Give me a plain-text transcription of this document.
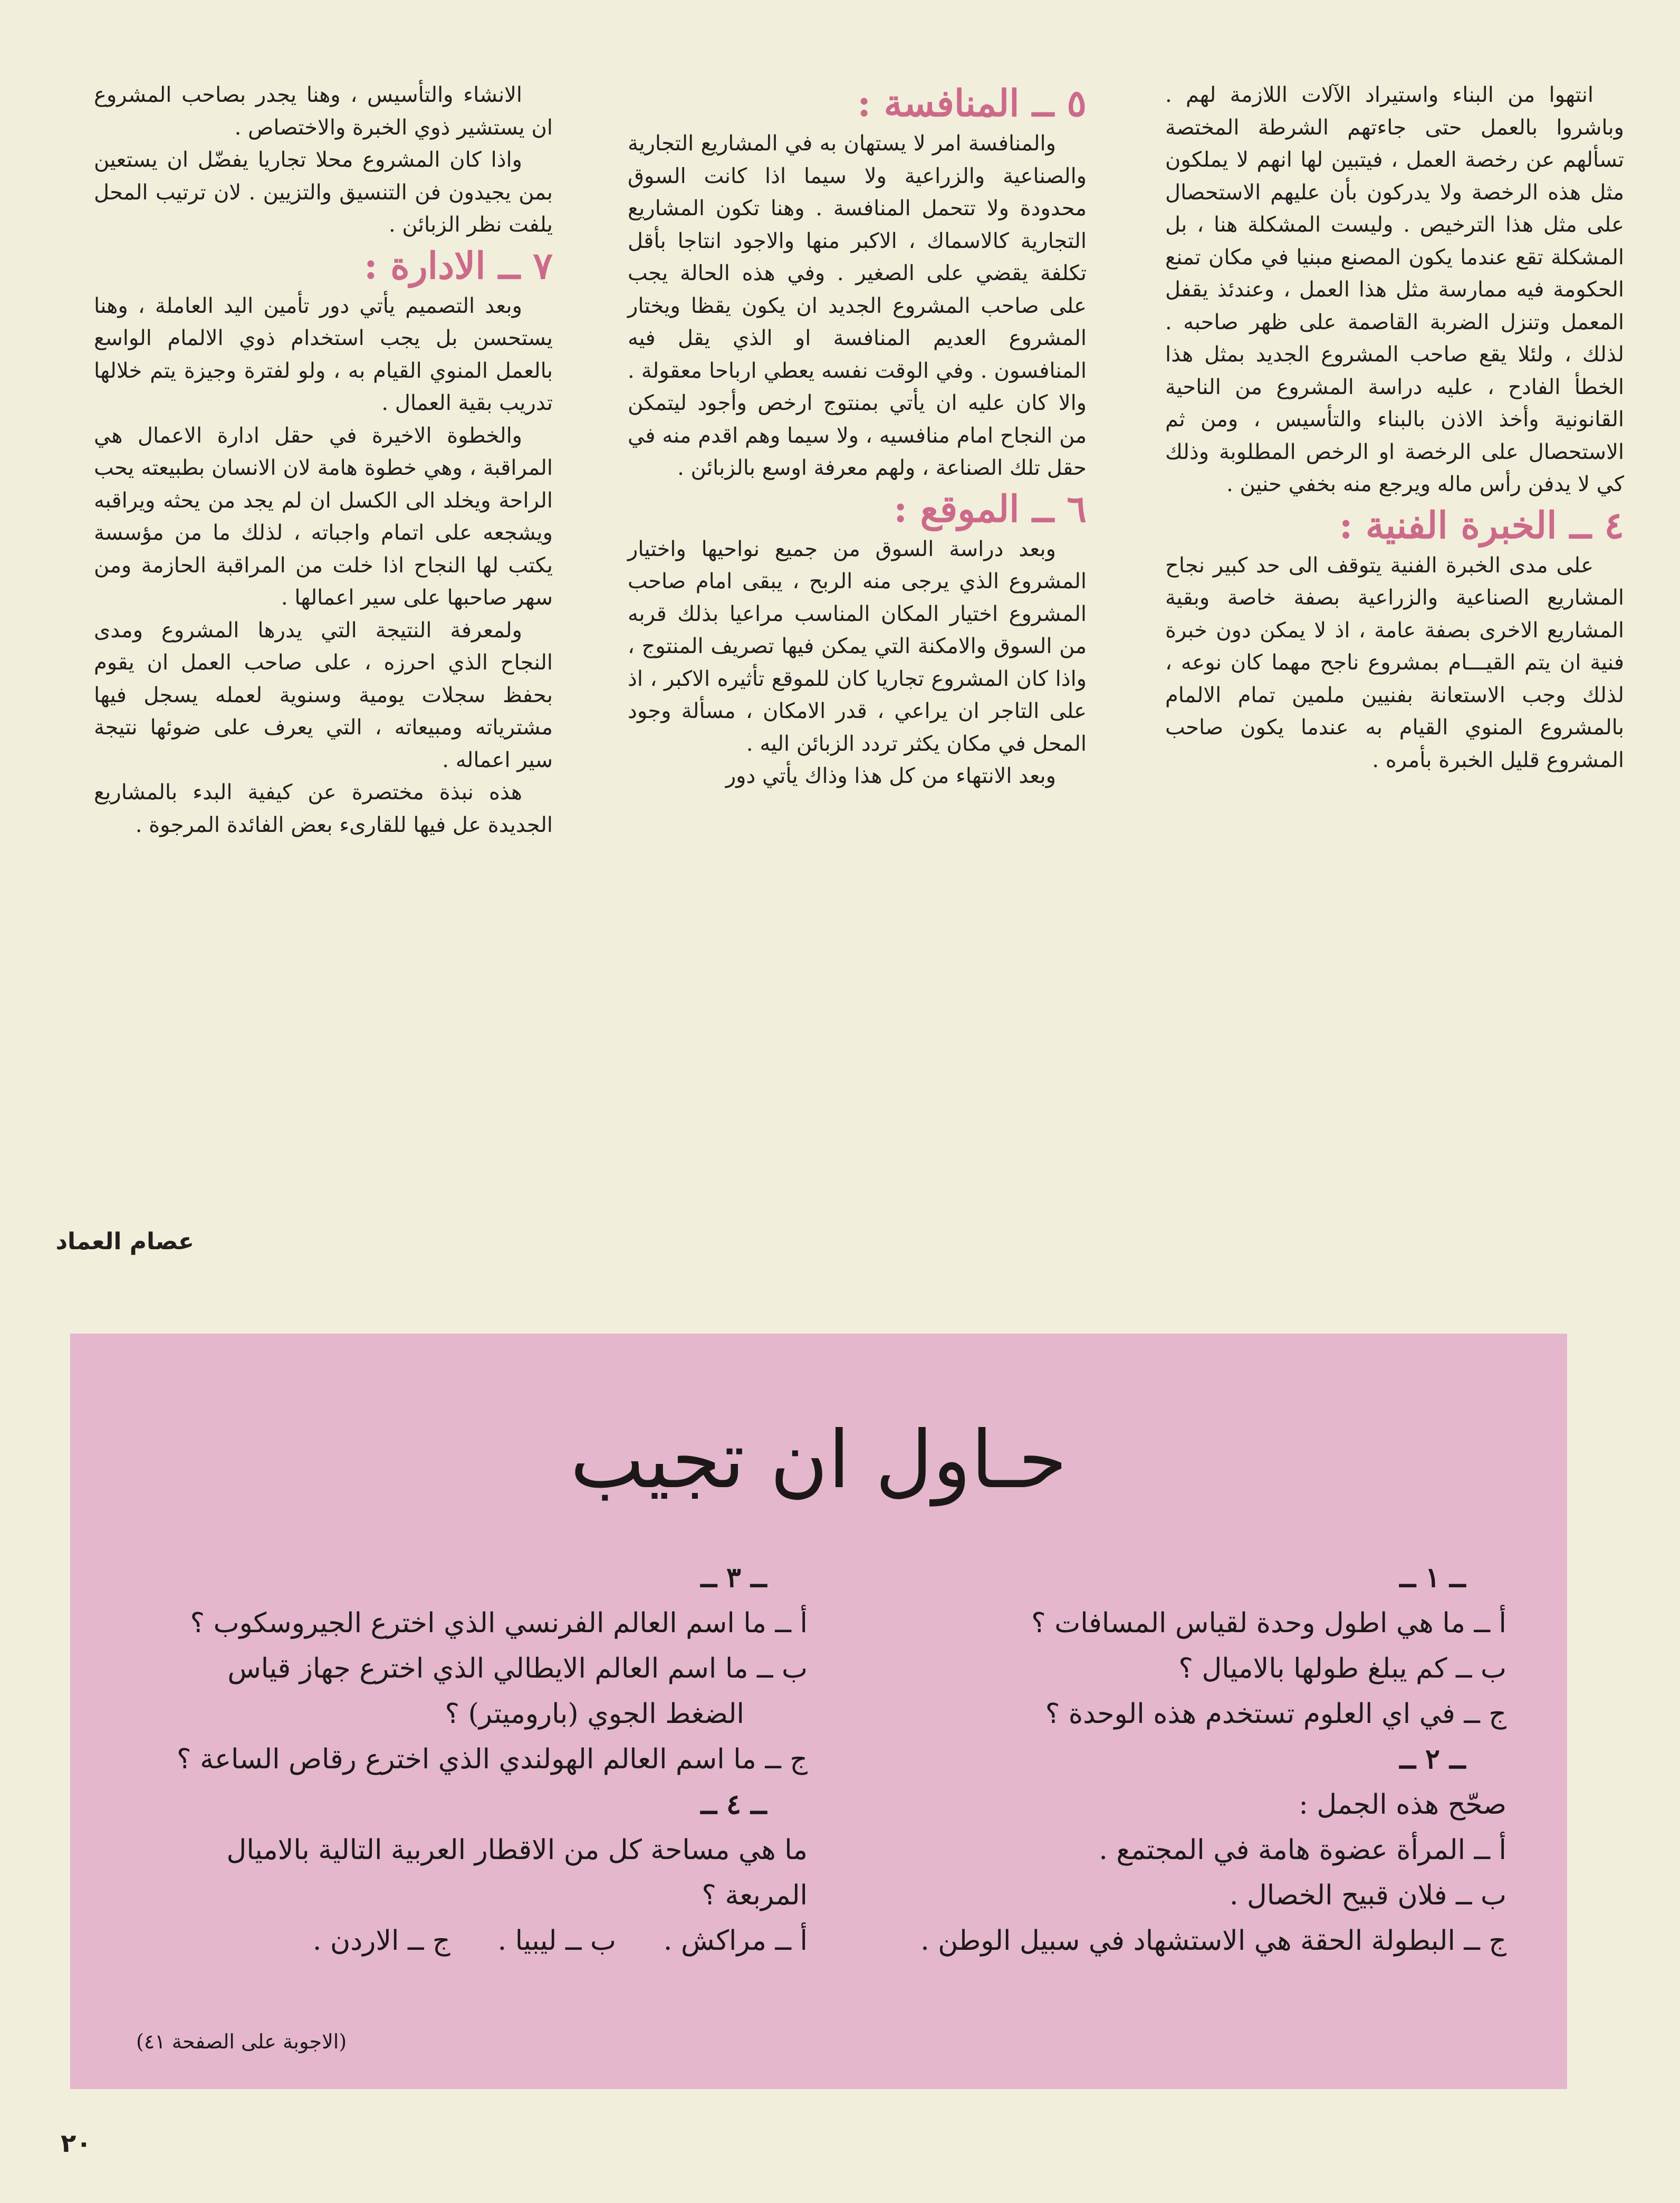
انتهوا من البناء واستيراد الآلات اللازمة لهم . وباشروا بالعمل حتى جاءتهم الشرطة المختصة تسألهم عن رخصة العمل ، فيتبين لها انهم لا يملكون مثل هذه الرخصة ولا يدركون بأن عليهم الاستحصال على مثل هذا الترخيص . وليست المشكلة هنا ، بل المشكلة تقع عندما يكون المصنع مبنيا في مكان تمنع الحكومة فيه ممارسة مثل هذا العمل ، وعندئذ يقفل المعمل وتنزل الضربة القاصمة على ظهر صاحبه . لذلك ، ولئلا يقع صاحب المشروع الجديد بمثل هذا الخطأ الفادح ، عليه دراسة المشروع من الناحية القانونية وأخذ الاذن بالبناء والتأسيس ، ومن ثم الاستحصال على الرخصة او الرخص المطلوبة وذلك كي لا يدفن رأس ماله ويرجع منه بخفي حنين .

٤ ــ الخبرة الفنية :

على مدى الخبرة الفنية يتوقف الى حد كبير نجاح المشاريع الصناعية والزراعية بصفة خاصة وبقية المشاريع الاخرى بصفة عامة ، اذ لا يمكن دون خبرة فنية ان يتم القيـــام بمشروع ناجح مهما كان نوعه ، لذلك وجب الاستعانة بفنيين ملمين تمام الالمام بالمشروع المنوي القيام به عندما يكون صاحب المشروع قليل الخبرة بأمره .

٥ ــ المنافسة :

والمنافسة امر لا يستهان به في المشاريع التجارية والصناعية والزراعية ولا سيما اذا كانت السوق محدودة ولا تتحمل المنافسة . وهنا تكون المشاريع التجارية كالاسماك ، الاكبر منها والاجود انتاجا بأقل تكلفة يقضي على الصغير . وفي هذه الحالة يجب على صاحب المشروع الجديد ان يكون يقظا ويختار المشروع العديم المنافسة او الذي يقل فيه المنافسون . وفي الوقت نفسه يعطي ارباحا معقولة . والا كان عليه ان يأتي بمنتوج ارخص وأجود ليتمكن من النجاح امام منافسيه ، ولا سيما وهم اقدم منه في حقل تلك الصناعة ، ولهم معرفة اوسع بالزبائن .

٦ ــ الموقع :

وبعد دراسة السوق من جميع نواحيها واختيار المشروع الذي يرجى منه الربح ، يبقى امام صاحب المشروع اختيار المكان المناسب مراعيا بذلك قربه من السوق والامكنة التي يمكن فيها تصريف المنتوج ، واذا كان المشروع تجاريا كان للموقع تأثيره الاكبر ، اذ على التاجر ان يراعي ، قدر الامكان ، مسألة وجود المحل في مكان يكثر تردد الزبائن اليه .

وبعد الانتهاء من كل هذا وذاك يأتي دور

الانشاء والتأسيس ، وهنا يجدر بصاحب المشروع ان يستشير ذوي الخبرة والاختصاص .

واذا كان المشروع محلا تجاريا يفضّل ان يستعين بمن يجيدون فن التنسيق والتزيين . لان ترتيب المحل يلفت نظر الزبائن .

٧ ــ الادارة :

وبعد التصميم يأتي دور تأمين اليد العاملة ، وهنا يستحسن بل يجب استخدام ذوي الالمام الواسع بالعمل المنوي القيام به ، ولو لفترة وجيزة يتم خلالها تدريب بقية العمال .

والخطوة الاخيرة في حقل ادارة الاعمال هي المراقبة ، وهي خطوة هامة لان الانسان بطبيعته يحب الراحة ويخلد الى الكسل ان لم يجد من يحثه ويراقبه ويشجعه على اتمام واجباته ، لذلك ما من مؤسسة يكتب لها النجاح اذا خلت من المراقبة الحازمة ومن سهر صاحبها على سير اعمالها .

ولمعرفة النتيجة التي يدرها المشروع ومدى النجاح الذي احرزه ، على صاحب العمل ان يقوم بحفظ سجلات يومية وسنوية لعمله يسجل فيها مشترياته ومبيعاته ، التي يعرف على ضوئها نتيجة سير اعماله .

هذه نبذة مختصرة عن كيفية البدء بالمشاريع الجديدة عل فيها للقارىء بعض الفائدة المرجوة .

عصام العماد
حـاول ان تجيب

ــ ١ ــ

أ ــ ما هي اطول وحدة لقياس المسافات ؟

ب ــ كم يبلغ طولها بالاميال ؟

ج ــ في اي العلوم تستخدم هذه الوحدة ؟

ــ ٢ ــ

صحّح هذه الجمل :

أ ــ المرأة عضوة هامة في المجتمع .

ب ــ فلان قبيح الخصال .

ج ــ البطولة الحقة هي الاستشهاد في سبيل الوطن .

ــ ٣ ــ

أ ــ ما اسم العالم الفرنسي الذي اخترع الجيروسكوب ؟

ب ــ ما اسم العالم الايطالي الذي اخترع جهاز قياس

الضغط الجوي (باروميتر) ؟

ج ــ ما اسم العالم الهولندي الذي اخترع رقاص الساعة ؟

ــ ٤ ــ

ما هي مساحة كل من الاقطار العربية التالية بالاميال

المربعة ؟

أ ــ مراكش .
ب ــ ليبيا .
ج ــ الاردن .
(الاجوبة على الصفحة ٤١)
٢٠
